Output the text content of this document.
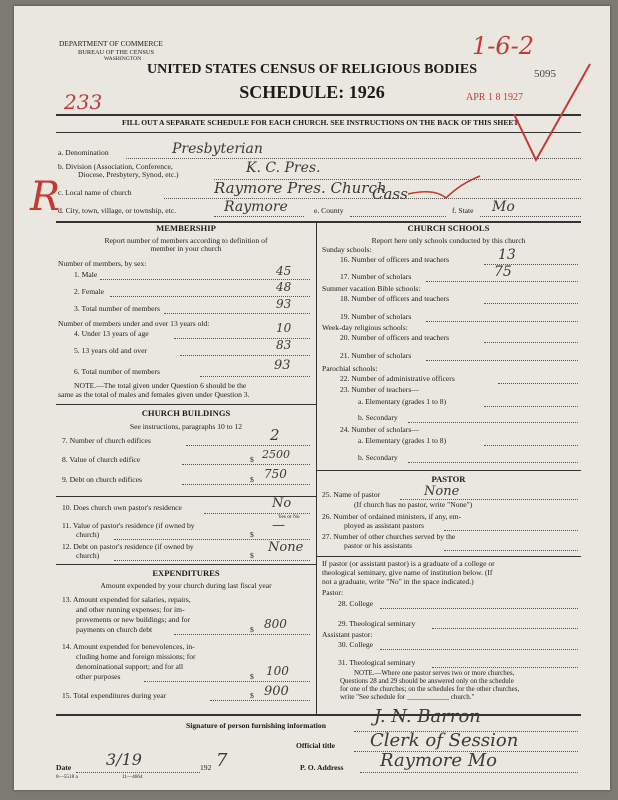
DEPARTMENT OF COMMERCE
BUREAU OF THE CENSUS
WASHINGTON
UNITED STATES CENSUS OF RELIGIOUS BODIES
SCHEDULE: 1926
5095
APR 1 8 1927
1-6-2
233
R
FILL OUT A SEPARATE SCHEDULE FOR EACH CHURCH. SEE INSTRUCTIONS ON THE BACK OF THIS SHEET
a. Denomination	Presbyterian
b. Division (Association, Conference,
Diocese, Presbytery, Synod, etc.)	K. C. Pres.
c. Local name of church	Raymore Pres. Church
d. City, town, village, or township, etc.	Raymore	e. County
Cass
f. State Mo
MEMBERSHIP
Report number of members according to definition of
member in your church
Number of members, by sex:
1. Male	45
2. Female	48
3. Total number of members	93
Number of members under and over 13 years old:
4. Under 13 years of age	10
5. 13 years old and over	83
6. Total number of members	93
NOTE.—The total given under Question 6 should be the
same as the total of males and females given under Question 3.
CHURCH BUILDINGS
See instructions, paragraphs 10 to 12
7. Number of church edifices	2
8. Value of church edifice	$ 2500
9. Debt on church edifices	$ 750
10. Does church own pastor's residence
Yes or No
No
11. Value of pastor's residence (if owned by
church)	$
—
12. Debt on pastor's residence (if owned by
church)	$
None
EXPENDITURES
Amount expended by your church during last fiscal year
13. Amount expended for salaries, repairs,
and other running expenses; for im-
provements or new buildings; and for
payments on church debt	$ 800
14. Amount expended for benevolences, in-
cluding home and foreign missions; for
denominational support; and for all
other purposes	$ 100
15. Total expenditures during year	$ 900
CHURCH SCHOOLS
Report here only schools conducted by this church
Sunday schools:
16. Number of officers and teachers	13
17. Number of scholars	75
Summer vacation Bible schools:
18. Number of officers and teachers
19. Number of scholars
Week-day religious schools:
20. Number of officers and teachers
21. Number of scholars
Parochial schools:
22. Number of administrative officers
23. Number of teachers—
a. Elementary (grades 1 to 8)
b. Secondary
24. Number of scholars—
a. Elementary (grades 1 to 8)
b. Secondary
PASTOR
25. Name of pastor	None
(If church has no pastor, write "None")
26. Number of ordained ministers, if any, em-
ployed as assistant pastors
27. Number of other churches served by the
pastor or his assistants
If pastor (or assistant pastor) is a graduate of a college or
theological seminary, give name of institution below. (If
not a graduate, write "No" in the space indicated.)
Pastor:
28. College
29. Theological seminary
Assistant pastor:
30. College
31. Theological seminary
NOTE.—Where one pastor serves two or more churches,
Questions 28 and 29 should be answered only on the schedule
for one of the churches; on the schedules for the other churches,
write "See schedule for ____________ church."
Signature of person furnishing information	J. N. Barron
Official title Clerk of Session
Date 3/19	192 7	P. O. Address Raymore Mo
8—5518 a	11—4664
